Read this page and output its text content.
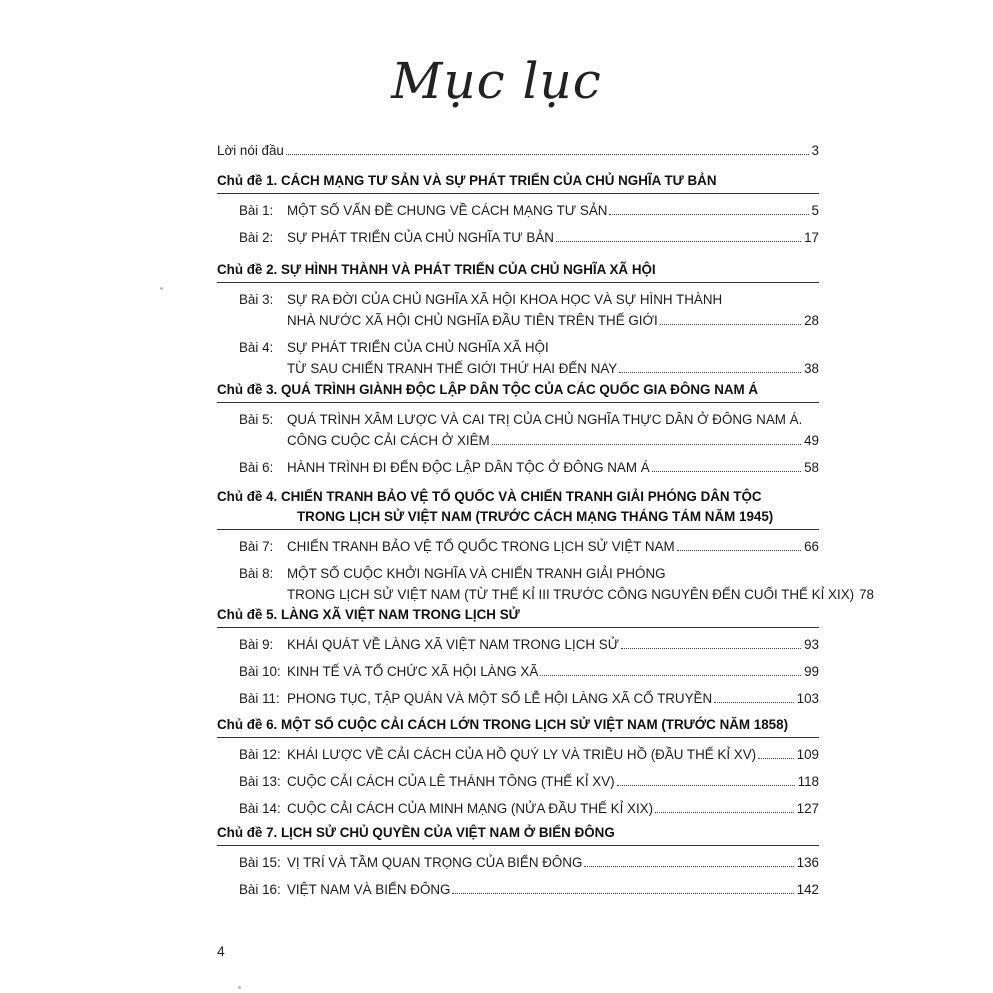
Mục lục
Lời nói đầu	3
Chủ đề 1. CÁCH MẠNG TƯ SẢN VÀ SỰ PHÁT TRIỂN CỦA CHỦ NGHĨA TƯ BẢN
Bài 1:	MỘT SỐ VẤN ĐỀ CHUNG VỀ CÁCH MẠNG TƯ SẢN	5
Bài 2:	SỰ PHÁT TRIỂN CỦA CHỦ NGHĨA TƯ BẢN	17
Chủ đề 2. SỰ HÌNH THÀNH VÀ PHÁT TRIỂN CỦA CHỦ NGHĨA XÃ HỘI
Bài 3:	SỰ RA ĐỜI CỦA CHỦ NGHĨA XÃ HỘI KHOA HỌC VÀ SỰ HÌNH THÀNH
NHÀ NƯỚC XÃ HỘI CHỦ NGHĨA ĐẦU TIÊN TRÊN THẾ GIỚI	28
Bài 4:	SỰ PHÁT TRIỂN CỦA CHỦ NGHĨA XÃ HỘI
TỪ SAU CHIẾN TRANH THẾ GIỚI THỨ HAI ĐẾN NAY	38
Chủ đề 3. QUÁ TRÌNH GIÀNH ĐỘC LẬP DÂN TỘC CỦA CÁC QUỐC GIA ĐÔNG NAM Á
Bài 5:	QUÁ TRÌNH XÂM LƯỢC VÀ CAI TRỊ CỦA CHỦ NGHĨA THỰC DÂN Ở ĐÔNG NAM Á.
CÔNG CUỘC CẢI CÁCH Ở XIÊM	49
Bài 6:	HÀNH TRÌNH ĐI ĐẾN ĐỘC LẬP DÂN TỘC Ở ĐÔNG NAM Á	58
Chủ đề 4. CHIẾN TRANH BẢO VỆ TỔ QUỐC VÀ CHIẾN TRANH GIẢI PHÓNG DÂN TỘC
TRONG LỊCH SỬ VIỆT NAM (TRƯỚC CÁCH MẠNG THÁNG TÁM NĂM 1945)
Bài 7:	CHIẾN TRANH BẢO VỆ TỔ QUỐC TRONG LỊCH SỬ VIỆT NAM	66
Bài 8:	MỘT SỐ CUỘC KHỞI NGHĨA VÀ CHIẾN TRANH GIẢI PHÓNG
TRONG LỊCH SỬ VIỆT NAM (TỪ THẾ KỈ III TRƯỚC CÔNG NGUYÊN ĐẾN CUỐI THẾ KỈ XIX) 78
Chủ đề 5. LÀNG XÃ VIỆT NAM TRONG LỊCH SỬ
Bài 9:	KHÁI QUÁT VỀ LÀNG XÃ VIỆT NAM TRONG LỊCH SỬ	93
Bài 10: KINH TẾ VÀ TỔ CHỨC XÃ HỘI LÀNG XÃ	99
Bài 11: PHONG TỤC, TẬP QUÁN VÀ MỘT SỐ LỄ HỘI LÀNG XÃ CỔ TRUYỀN	103
Chủ đề 6. MỘT SỐ CUỘC CẢI CÁCH LỚN TRONG LỊCH SỬ VIỆT NAM (TRƯỚC NĂM 1858)
Bài 12: KHÁI LƯỢC VỀ CẢI CÁCH CỦA HỒ QUÝ LY VÀ TRIỀU HỒ (ĐẦU THẾ KỈ XV)	109
Bài 13: CUỘC CẢI CÁCH CỦA LÊ THÁNH TÔNG (THẾ KỈ XV)	118
Bài 14: CUỘC CẢI CÁCH CỦA MINH MẠNG (NỬA ĐẦU THẾ KỈ XIX)	127
Chủ đề 7. LỊCH SỬ CHỦ QUYỀN CỦA VIỆT NAM Ở BIỂN ĐÔNG
Bài 15: VỊ TRÍ VÀ TẦM QUAN TRỌNG CỦA BIỂN ĐÔNG	136
Bài 16: VIỆT NAM VÀ BIỂN ĐÔNG	142
4
